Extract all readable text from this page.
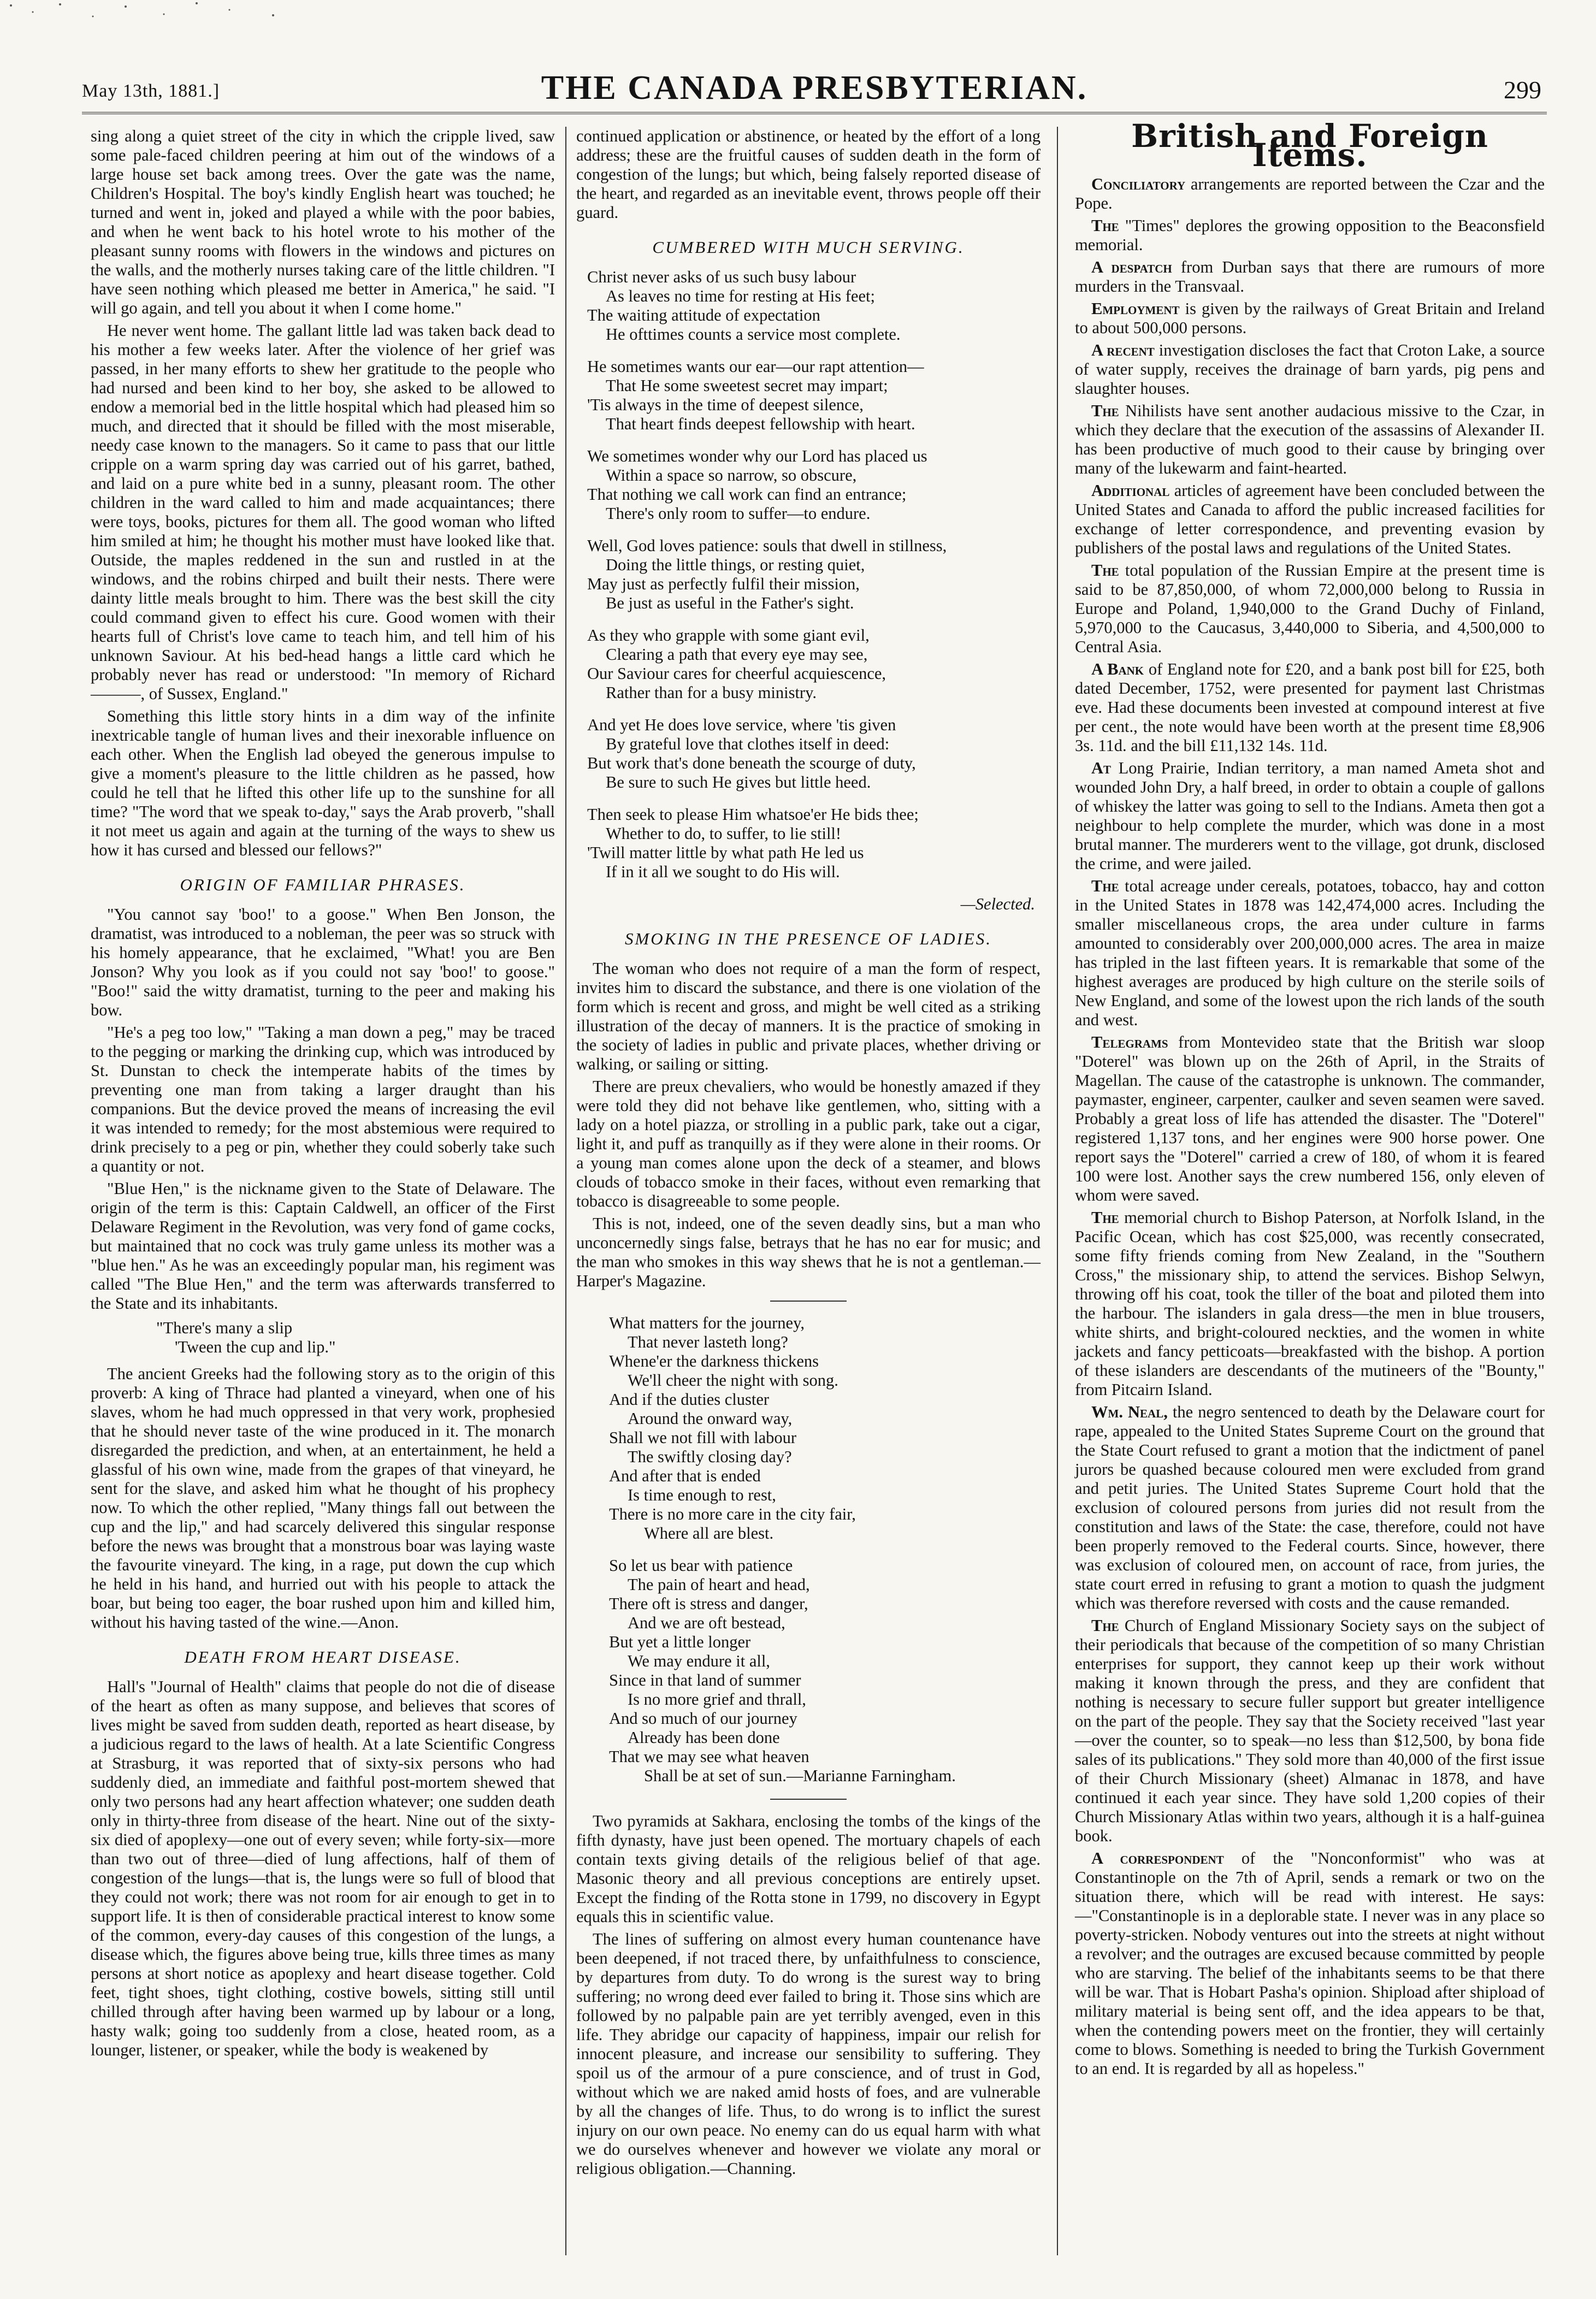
May 13th, 1881.]	THE CANADA PRESBYTERIAN.	299

sing along a quiet street of the city in which the cripple lived, saw some pale-faced children peering at him out of the windows of a large house set back among trees. Over the gate was the name, Children's Hospital. The boy's kindly English heart was touched; he turned and went in, joked and played a while with the poor babies, and when he went back to his hotel wrote to his mother of the pleasant sunny rooms with flowers in the windows and pictures on the walls, and the motherly nurses taking care of the little children. "I have seen nothing which pleased me better in America," he said. "I will go again, and tell you about it when I come home."

He never went home. The gallant little lad was taken back dead to his mother a few weeks later. After the violence of her grief was passed, in her many efforts to shew her gratitude to the people who had nursed and been kind to her boy, she asked to be allowed to endow a memorial bed in the little hospital which had pleased him so much, and directed that it should be filled with the most miserable, needy case known to the managers. So it came to pass that our little cripple on a warm spring day was carried out of his garret, bathed, and laid on a pure white bed in a sunny, pleasant room. The other children in the ward called to him and made acquaintances; there were toys, books, pictures for them all. The good woman who lifted him smiled at him; he thought his mother must have looked like that. Outside, the maples reddened in the sun and rustled in at the windows, and the robins chirped and built their nests. There were dainty little meals brought to him. There was the best skill the city could command given to effect his cure. Good women with their hearts full of Christ's love came to teach him, and tell him of his unknown Saviour. At his bed-head hangs a little card which he probably never has read or understood: "In memory of Richard ———, of Sussex, England."

Something this little story hints in a dim way of the infinite inextricable tangle of human lives and their inexorable influence on each other. When the English lad obeyed the generous impulse to give a moment's pleasure to the little children as he passed, how could he tell that he lifted this other life up to the sunshine for all time? "The word that we speak to-day," says the Arab proverb, "shall it not meet us again and again at the turning of the ways to shew us how it has cursed and blessed our fellows?"

ORIGIN OF FAMILIAR PHRASES.

"You cannot say 'boo!' to a goose." When Ben Jonson, the dramatist, was introduced to a nobleman, the peer was so struck with his homely appearance, that he exclaimed, "What! you are Ben Jonson? Why you look as if you could not say 'boo!' to goose." "Boo!" said the witty dramatist, turning to the peer and making his bow.

"He's a peg too low," "Taking a man down a peg," may be traced to the pegging or marking the drinking cup, which was introduced by St. Dunstan to check the intemperate habits of the times by preventing one man from taking a larger draught than his companions. But the device proved the means of increasing the evil it was intended to remedy; for the most abstemious were required to drink precisely to a peg or pin, whether they could soberly take such a quantity or not.

"Blue Hen," is the nickname given to the State of Delaware. The origin of the term is this: Captain Caldwell, an officer of the First Delaware Regiment in the Revolution, was very fond of game cocks, but maintained that no cock was truly game unless its mother was a "blue hen." As he was an exceedingly popular man, his regiment was called "The Blue Hen," and the term was afterwards transferred to the State and its inhabitants.

"There's many a slip
'Tween the cup and lip."

The ancient Greeks had the following story as to the origin of this proverb: A king of Thrace had planted a vineyard, when one of his slaves, whom he had much oppressed in that very work, prophesied that he should never taste of the wine produced in it. The monarch disregarded the prediction, and when, at an entertainment, he held a glassful of his own wine, made from the grapes of that vineyard, he sent for the slave, and asked him what he thought of his prophecy now. To which the other replied, "Many things fall out between the cup and the lip," and had scarcely delivered this singular response before the news was brought that a monstrous boar was laying waste the favourite vineyard. The king, in a rage, put down the cup which he held in his hand, and hurried out with his people to attack the boar, but being too eager, the boar rushed upon him and killed him, without his having tasted of the wine.—Anon.

DEATH FROM HEART DISEASE.

Hall's "Journal of Health" claims that people do not die of disease of the heart as often as many suppose, and believes that scores of lives might be saved from sudden death, reported as heart disease, by a judicious regard to the laws of health. At a late Scientific Congress at Strasburg, it was reported that of sixty-six persons who had suddenly died, an immediate and faithful post-mortem shewed that only two persons had any heart affection whatever; one sudden death only in thirty-three from disease of the heart. Nine out of the sixty-six died of apoplexy—one out of every seven; while forty-six—more than two out of three—died of lung affections, half of them of congestion of the lungs—that is, the lungs were so full of blood that they could not work; there was not room for air enough to get in to support life. It is then of considerable practical interest to know some of the common, every-day causes of this congestion of the lungs, a disease which, the figures above being true, kills three times as many persons at short notice as apoplexy and heart disease together. Cold feet, tight shoes, tight clothing, costive bowels, sitting still until chilled through after having been warmed up by labour or a long, hasty walk; going too suddenly from a close, heated room, as a lounger, listener, or speaker, while the body is weakened by

continued application or abstinence, or heated by the effort of a long address; these are the fruitful causes of sudden death in the form of congestion of the lungs; but which, being falsely reported disease of the heart, and regarded as an inevitable event, throws people off their guard.

CUMBERED WITH MUCH SERVING.
Christ never asks of us such busy labour
As leaves no time for resting at His feet;
The waiting attitude of expectation
He ofttimes counts a service most complete.
He sometimes wants our ear—our rapt attention—
That He some sweetest secret may impart;
'Tis always in the time of deepest silence,
That heart finds deepest fellowship with heart.
We sometimes wonder why our Lord has placed us
Within a space so narrow, so obscure,
That nothing we call work can find an entrance;
There's only room to suffer—to endure.
Well, God loves patience: souls that dwell in stillness,
Doing the little things, or resting quiet,
May just as perfectly fulfil their mission,
Be just as useful in the Father's sight.
As they who grapple with some giant evil,
Clearing a path that every eye may see,
Our Saviour cares for cheerful acquiescence,
Rather than for a busy ministry.
And yet He does love service, where 'tis given
By grateful love that clothes itself in deed:
But work that's done beneath the scourge of duty,
Be sure to such He gives but little heed.
Then seek to please Him whatsoe'er He bids thee;
Whether to do, to suffer, to lie still!
'Twill matter little by what path He led us
If in it all we sought to do His will.
—Selected.
SMOKING IN THE PRESENCE OF LADIES.

The woman who does not require of a man the form of respect, invites him to discard the substance, and there is one violation of the form which is recent and gross, and might be well cited as a striking illustration of the decay of manners. It is the practice of smoking in the society of ladies in public and private places, whether driving or walking, or sailing or sitting.

There are preux chevaliers, who would be honestly amazed if they were told they did not behave like gentlemen, who, sitting with a lady on a hotel piazza, or strolling in a public park, take out a cigar, light it, and puff as tranquilly as if they were alone in their rooms. Or a young man comes alone upon the deck of a steamer, and blows clouds of tobacco smoke in their faces, without even remarking that tobacco is disagreeable to some people.

This is not, indeed, one of the seven deadly sins, but a man who unconcernedly sings false, betrays that he has no ear for music; and the man who smokes in this way shews that he is not a gentleman.—Harper's Magazine.

What matters for the journey,
That never lasteth long?
Whene'er the darkness thickens
We'll cheer the night with song.
And if the duties cluster
Around the onward way,
Shall we not fill with labour
The swiftly closing day?
And after that is ended
Is time enough to rest,
There is no more care in the city fair,
Where all are blest.
So let us bear with patience
The pain of heart and head,
There oft is stress and danger,
And we are oft bestead,
But yet a little longer
We may endure it all,
Since in that land of summer
Is no more grief and thrall,
And so much of our journey
Already has been done
That we may see what heaven
Shall be at set of sun.—Marianne Farningham.

Two pyramids at Sakhara, enclosing the tombs of the kings of the fifth dynasty, have just been opened. The mortuary chapels of each contain texts giving details of the religious belief of that age. Masonic theory and all previous conceptions are entirely upset. Except the finding of the Rotta stone in 1799, no discovery in Egypt equals this in scientific value.

The lines of suffering on almost every human countenance have been deepened, if not traced there, by unfaithfulness to conscience, by departures from duty. To do wrong is the surest way to bring suffering; no wrong deed ever failed to bring it. Those sins which are followed by no palpable pain are yet terribly avenged, even in this life. They abridge our capacity of happiness, impair our relish for innocent pleasure, and increase our sensibility to suffering. They spoil us of the armour of a pure conscience, and of trust in God, without which we are naked amid hosts of foes, and are vulnerable by all the changes of life. Thus, to do wrong is to inflict the surest injury on our own peace. No enemy can do us equal harm with what we do ourselves whenever and however we violate any moral or religious obligation.—Channing.

British and Foreign Items.

Conciliatory arrangements are reported between the Czar and the Pope.

The "Times" deplores the growing opposition to the Beaconsfield memorial.

A despatch from Durban says that there are rumours of more murders in the Transvaal.

Employment is given by the railways of Great Britain and Ireland to about 500,000 persons.

A recent investigation discloses the fact that Croton Lake, a source of water supply, receives the drainage of barn yards, pig pens and slaughter houses.

The Nihilists have sent another audacious missive to the Czar, in which they declare that the execution of the assassins of Alexander II. has been productive of much good to their cause by bringing over many of the lukewarm and faint-hearted.

Additional articles of agreement have been concluded between the United States and Canada to afford the public increased facilities for exchange of letter correspondence, and preventing evasion by publishers of the postal laws and regulations of the United States.

The total population of the Russian Empire at the present time is said to be 87,850,000, of whom 72,000,000 belong to Russia in Europe and Poland, 1,940,000 to the Grand Duchy of Finland, 5,970,000 to the Caucasus, 3,440,000 to Siberia, and 4,500,000 to Central Asia.

A Bank of England note for £20, and a bank post bill for £25, both dated December, 1752, were presented for payment last Christmas eve. Had these documents been invested at compound interest at five per cent., the note would have been worth at the present time £8,906 3s. 11d. and the bill £11,132 14s. 11d.

At Long Prairie, Indian territory, a man named Ameta shot and wounded John Dry, a half breed, in order to obtain a couple of gallons of whiskey the latter was going to sell to the Indians. Ameta then got a neighbour to help complete the murder, which was done in a most brutal manner. The murderers went to the village, got drunk, disclosed the crime, and were jailed.

The total acreage under cereals, potatoes, tobacco, hay and cotton in the United States in 1878 was 142,474,000 acres. Including the smaller miscellaneous crops, the area under culture in farms amounted to considerably over 200,000,000 acres. The area in maize has tripled in the last fifteen years. It is remarkable that some of the highest averages are produced by high culture on the sterile soils of New England, and some of the lowest upon the rich lands of the south and west.

Telegrams from Montevideo state that the British war sloop "Doterel" was blown up on the 26th of April, in the Straits of Magellan. The cause of the catastrophe is unknown. The commander, paymaster, engineer, carpenter, caulker and seven seamen were saved. Probably a great loss of life has attended the disaster. The "Doterel" registered 1,137 tons, and her engines were 900 horse power. One report says the "Doterel" carried a crew of 180, of whom it is feared 100 were lost. Another says the crew numbered 156, only eleven of whom were saved.

The memorial church to Bishop Paterson, at Norfolk Island, in the Pacific Ocean, which has cost $25,000, was recently consecrated, some fifty friends coming from New Zealand, in the "Southern Cross," the missionary ship, to attend the services. Bishop Selwyn, throwing off his coat, took the tiller of the boat and piloted them into the harbour. The islanders in gala dress—the men in blue trousers, white shirts, and bright-coloured neckties, and the women in white jackets and fancy petticoats—breakfasted with the bishop. A portion of these islanders are descendants of the mutineers of the "Bounty," from Pitcairn Island.

Wm. Neal, the negro sentenced to death by the Delaware court for rape, appealed to the United States Supreme Court on the ground that the State Court refused to grant a motion that the indictment of panel jurors be quashed because coloured men were excluded from grand and petit juries. The United States Supreme Court hold that the exclusion of coloured persons from juries did not result from the constitution and laws of the State: the case, therefore, could not have been properly removed to the Federal courts. Since, however, there was exclusion of coloured men, on account of race, from juries, the state court erred in refusing to grant a motion to quash the judgment which was therefore reversed with costs and the cause remanded.

The Church of England Missionary Society says on the subject of their periodicals that because of the competition of so many Christian enterprises for support, they cannot keep up their work without making it known through the press, and they are confident that nothing is necessary to secure fuller support but greater intelligence on the part of the people. They say that the Society received "last year—over the counter, so to speak—no less than $12,500, by bona fide sales of its publications." They sold more than 40,000 of the first issue of their Church Missionary (sheet) Almanac in 1878, and have continued it each year since. They have sold 1,200 copies of their Church Missionary Atlas within two years, although it is a half-guinea book.

A correspondent of the "Nonconformist" who was at Constantinople on the 7th of April, sends a remark or two on the situation there, which will be read with interest. He says:—"Constantinople is in a deplorable state. I never was in any place so poverty-stricken. Nobody ventures out into the streets at night without a revolver; and the outrages are excused because committed by people who are starving. The belief of the inhabitants seems to be that there will be war. That is Hobart Pasha's opinion. Shipload after shipload of military material is being sent off, and the idea appears to be that, when the contending powers meet on the frontier, they will certainly come to blows. Something is needed to bring the Turkish Government to an end. It is regarded by all as hopeless."
